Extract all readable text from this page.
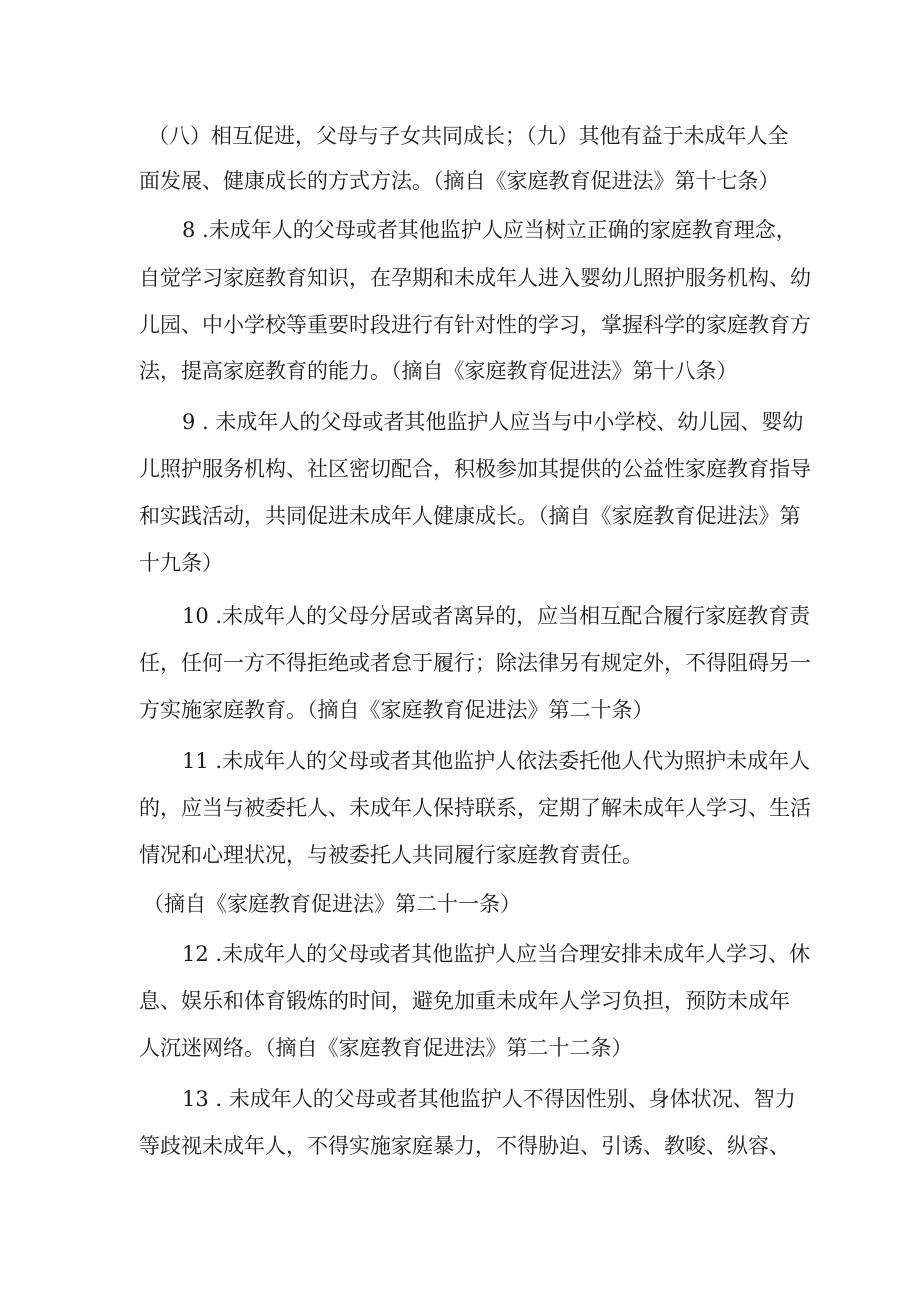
（八）相互促进，父母与子女共同成长；（九）其他有益于未成年人全
面发展、健康成长的方式方法。（摘自《家庭教育促进法》第十七条）
8 .未成年人的父母或者其他监护人应当树立正确的家庭教育理念，
自觉学习家庭教育知识，在孕期和未成年人进入婴幼儿照护服务机构、幼
儿园、中小学校等重要时段进行有针对性的学习，掌握科学的家庭教育方
法，提高家庭教育的能力。（摘自《家庭教育促进法》第十八条）
9 . 未成年人的父母或者其他监护人应当与中小学校、幼儿园、婴幼
儿照护服务机构、社区密切配合，积极参加其提供的公益性家庭教育指导
和实践活动，共同促进未成年人健康成长。（摘自《家庭教育促进法》第
十九条）
10 .未成年人的父母分居或者离异的，应当相互配合履行家庭教育责
任，任何一方不得拒绝或者怠于履行；除法律另有规定外，不得阻碍另一
方实施家庭教育。（摘自《家庭教育促进法》第二十条）
11 .未成年人的父母或者其他监护人依法委托他人代为照护未成年人
的，应当与被委托人、未成年人保持联系，定期了解未成年人学习、生活
情况和心理状况，与被委托人共同履行家庭教育责任。
（摘自《家庭教育促进法》第二十一条）
12 .未成年人的父母或者其他监护人应当合理安排未成年人学习、休
息、娱乐和体育锻炼的时间，避免加重未成年人学习负担，预防未成年
人沉迷网络。（摘自《家庭教育促进法》第二十二条）
13 . 未成年人的父母或者其他监护人不得因性别、身体状况、智力
等歧视未成年人，不得实施家庭暴力，不得胁迫、引诱、教唆、纵容、
